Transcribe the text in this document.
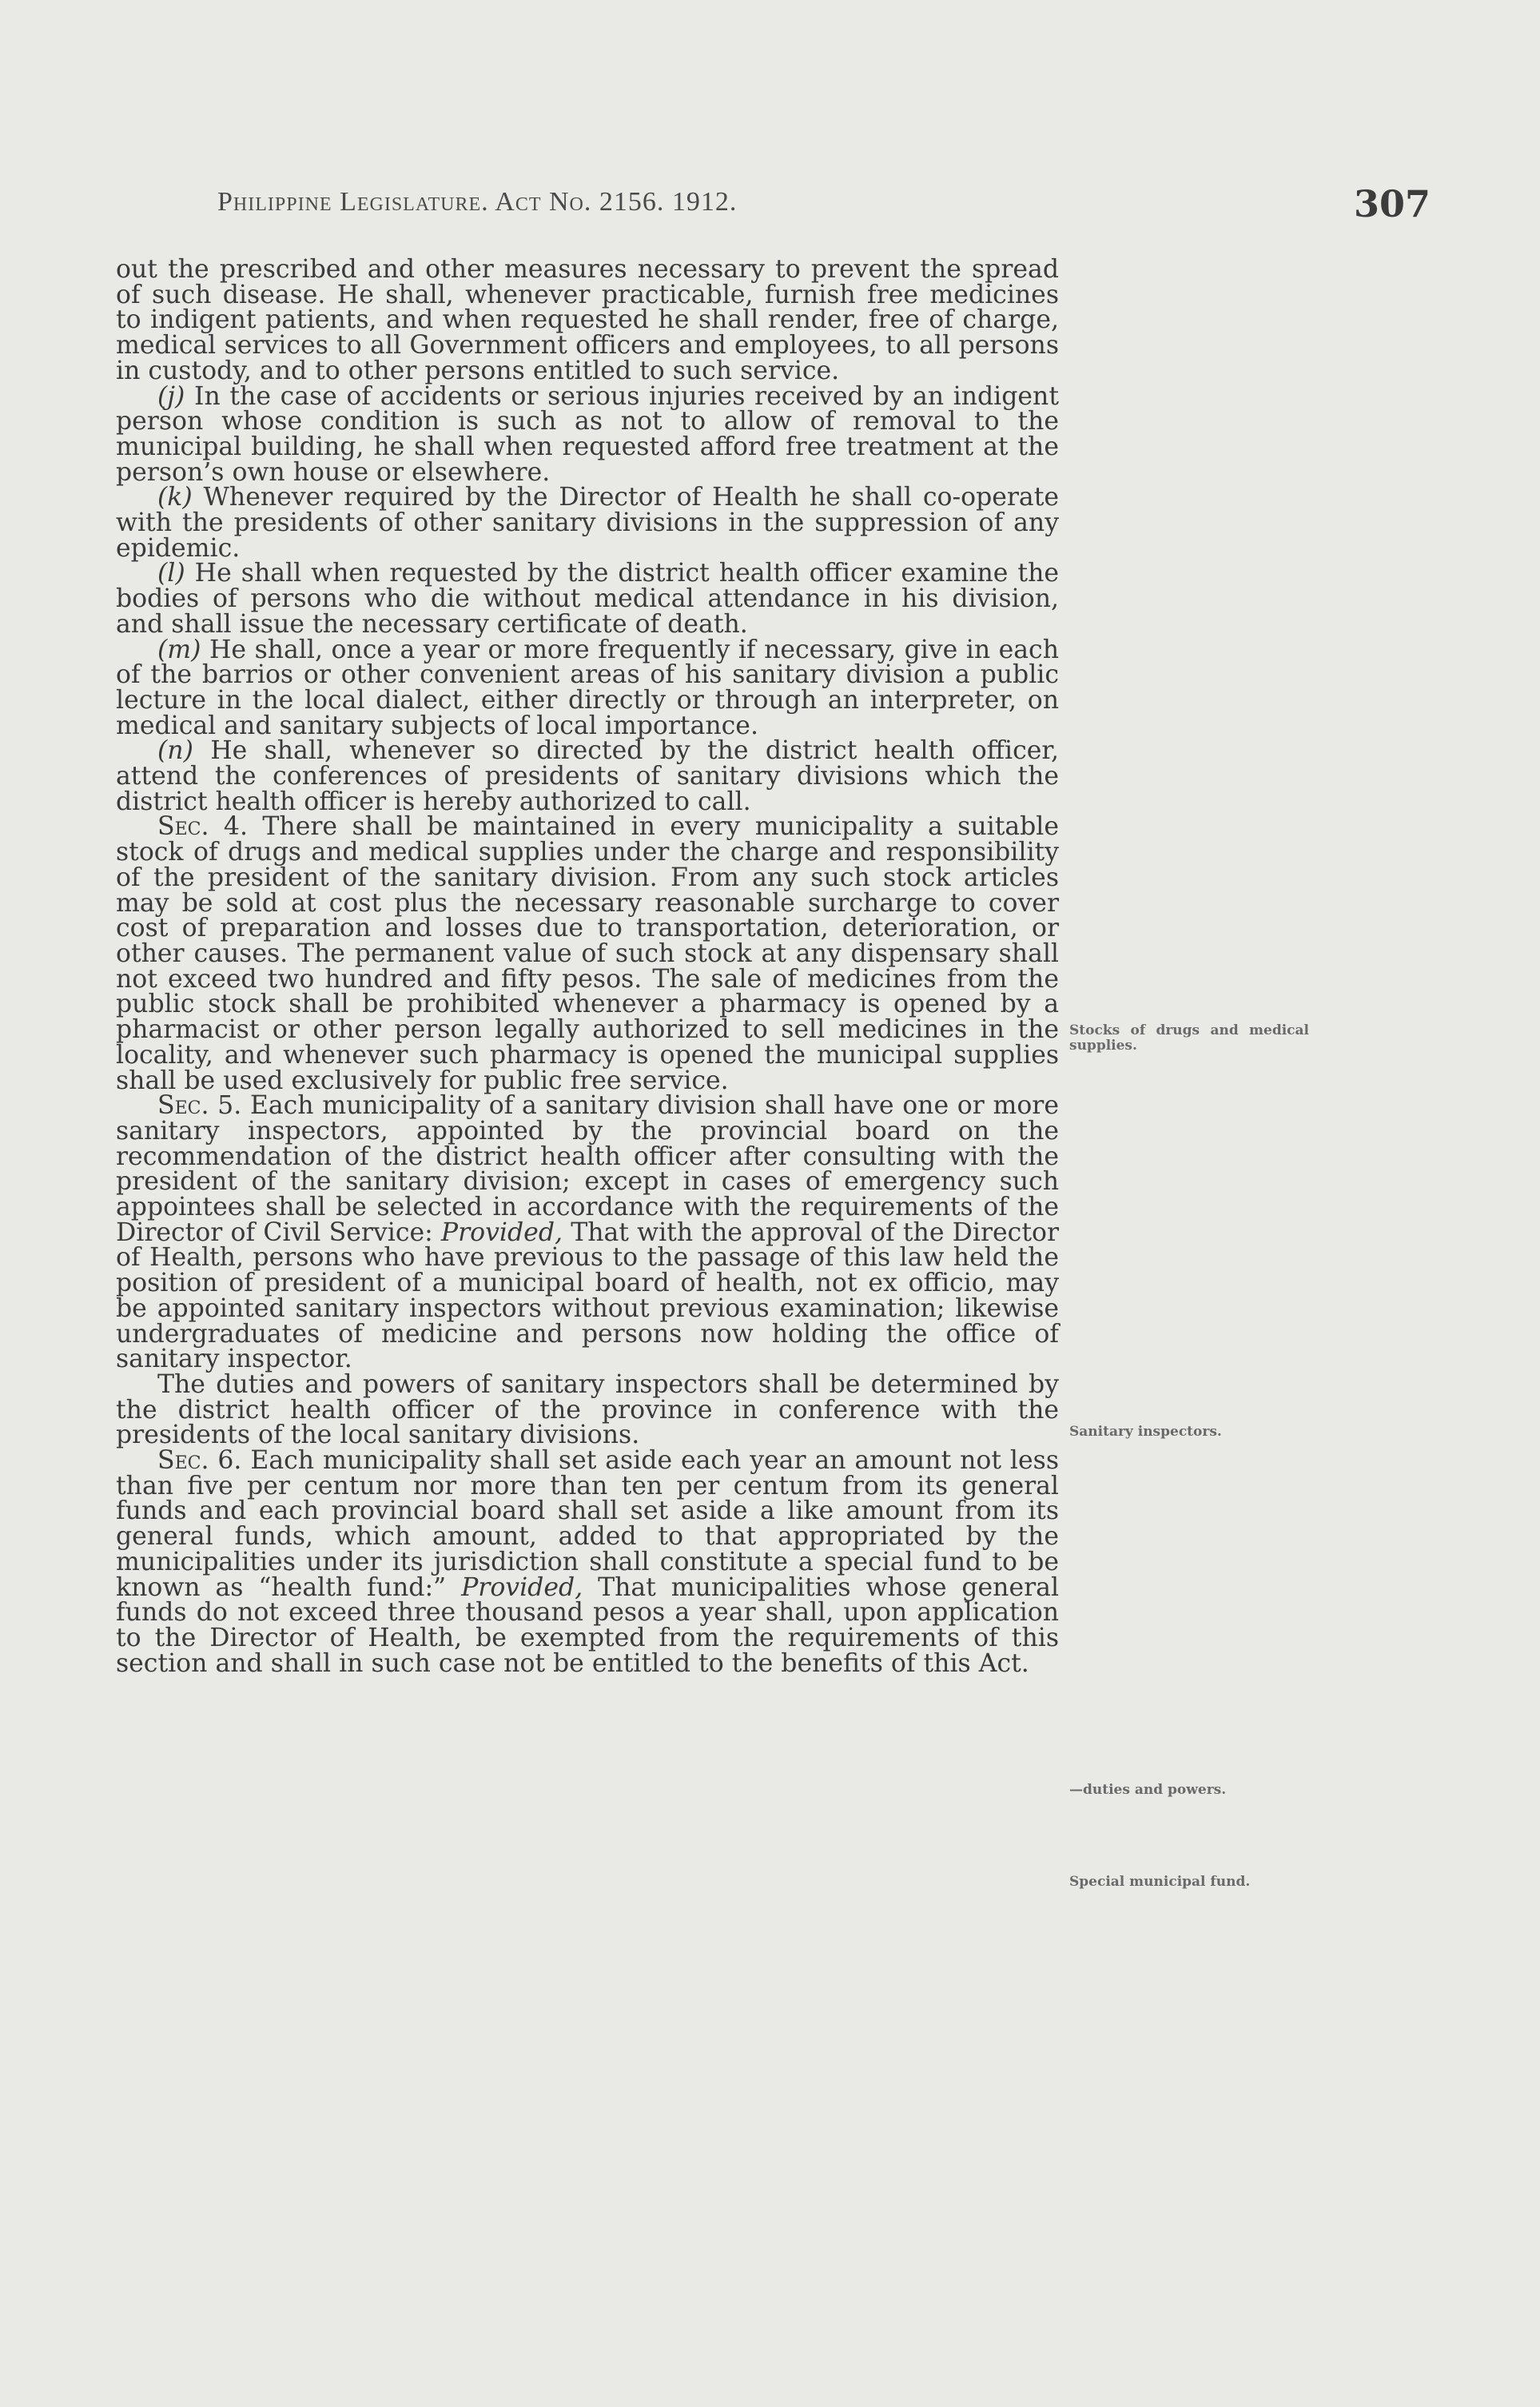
Philippine Legislature. Act No. 2156. 1912.	307

out the prescribed and other measures necessary to prevent the spread of such disease. He shall, whenever practicable, furnish free medicines to indigent patients, and when requested he shall render, free of charge, medical services to all Government officers and employees, to all persons in custody, and to other persons entitled to such service.

(j) In the case of accidents or serious injuries received by an indigent person whose condition is such as not to allow of removal to the municipal building, he shall when requested afford free treatment at the person’s own house or elsewhere.

(k) Whenever required by the Director of Health he shall co-operate with the presidents of other sanitary divisions in the suppression of any epidemic.

(l) He shall when requested by the district health officer examine the bodies of persons who die without medical attendance in his division, and shall issue the necessary certificate of death.

(m) He shall, once a year or more frequently if necessary, give in each of the barrios or other convenient areas of his sanitary division a public lecture in the local dialect, either directly or through an interpreter, on medical and sanitary subjects of local importance.

(n) He shall, whenever so directed by the district health officer, attend the conferences of presidents of sanitary divisions which the district health officer is hereby authorized to call.

Sec. 4. There shall be maintained in every municipality a suitable stock of drugs and medical supplies under the charge and responsibility of the president of the sanitary division. From any such stock articles may be sold at cost plus the necessary reasonable surcharge to cover cost of preparation and losses due to transportation, deterioration, or other causes. The permanent value of such stock at any dispensary shall not exceed two hundred and fifty pesos. The sale of medicines from the public stock shall be prohibited whenever a pharmacy is opened by a pharmacist or other person legally authorized to sell medicines in the locality, and whenever such pharmacy is opened the municipal supplies shall be used exclusively for public free service.

Sec. 5. Each municipality of a sanitary division shall have one or more sanitary inspectors, appointed by the provincial board on the recommendation of the district health officer after consulting with the president of the sanitary division; except in cases of emergency such appointees shall be selected in accordance with the requirements of the Director of Civil Service: Provided, That with the approval of the Director of Health, persons who have previous to the passage of this law held the position of president of a municipal board of health, not ex officio, may be appointed sanitary inspectors without previous examination; likewise undergraduates of medicine and persons now holding the office of sanitary inspector.

The duties and powers of sanitary inspectors shall be determined by the district health officer of the province in conference with the presidents of the local sanitary divisions.

Sec. 6. Each municipality shall set aside each year an amount not less than five per centum nor more than ten per centum from its general funds and each provincial board shall set aside a like amount from its general funds, which amount, added to that appropriated by the municipalities under its jurisdiction shall constitute a special fund to be known as “health fund:” Provided, That municipalities whose general funds do not exceed three thousand pesos a year shall, upon application to the Director of Health, be exempted from the requirements of this section and shall in such case not be entitled to the benefits of this Act.

Stocks of drugs and medical supplies.
Sanitary inspectors.
—duties and powers.
Special municipal fund.
